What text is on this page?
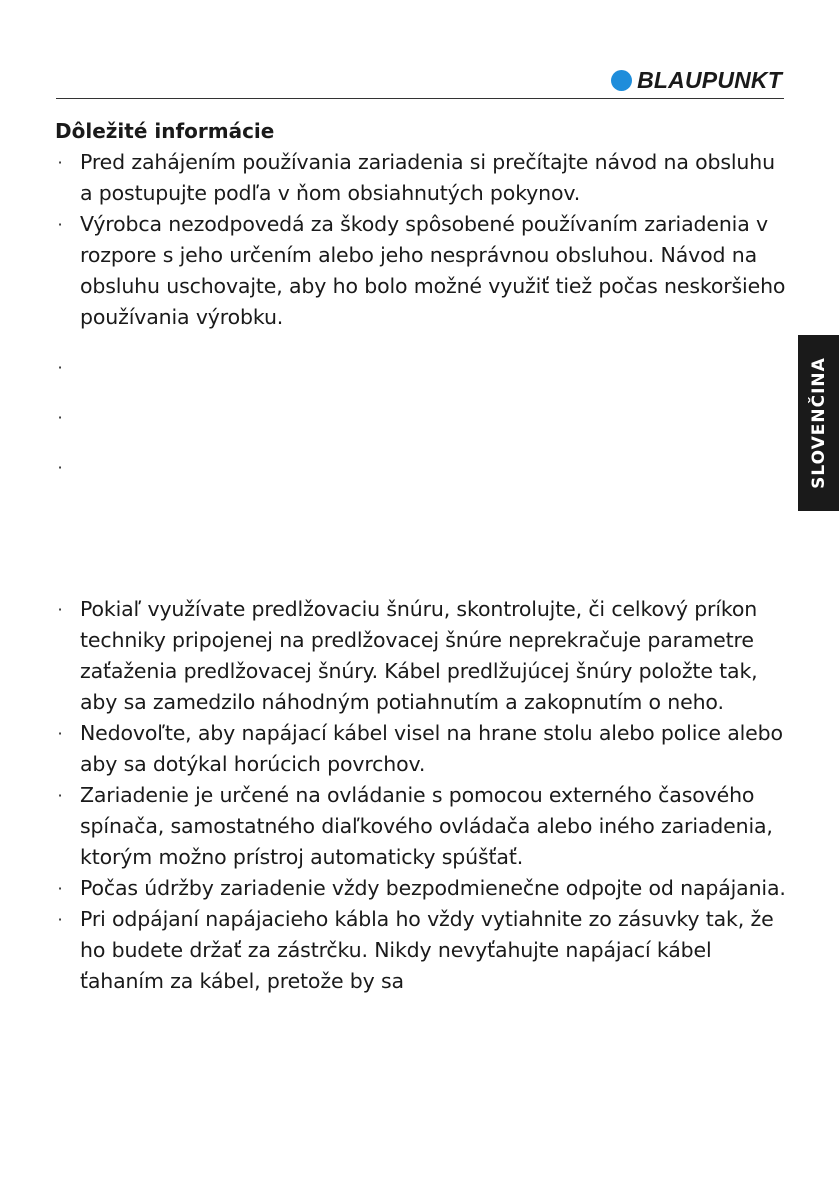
BLAUPUNKT
SLOVENČINA
Dôležité informácie
· Pred zahájením používania zariadenia si prečítajte návod na obsluhu a postupujte podľa v ňom obsiahnutých pokynov.
· Výrobca nezodpovedá za škody spôsobené používaním zariadenia v rozpore s jeho určením alebo jeho nesprávnou obsluhou. Návod na obsluhu uschovajte, aby ho bolo možné využiť tiež počas neskoršieho používania výrobku.
·
·
·
· Pokiaľ využívate predlžovaciu šnúru, skontrolujte, či celkový príkon techniky pripojenej na predlžovacej šnúre neprekračuje parametre zaťaženia predlžovacej šnúry. Kábel predlžujúcej šnúry položte tak, aby sa zamedzilo náhodným potiahnutím a zakopnutím o neho.
· Nedovoľte, aby napájací kábel visel na hrane stolu alebo police alebo aby sa dotýkal horúcich povrchov.
· Zariadenie je určené na ovládanie s pomocou externého časového spínača, samostatného diaľkového ovládača alebo iného zariadenia, ktorým možno prístroj automaticky spúšťať.
· Počas údržby zariadenie vždy bezpodmienečne odpojte od napájania.
· Pri odpájaní napájacieho kábla ho vždy vytiahnite zo zásuvky tak, že ho budete držať za zástrčku. Nikdy nevyťahujte napájací kábel ťahaním za kábel, pretože by sa
